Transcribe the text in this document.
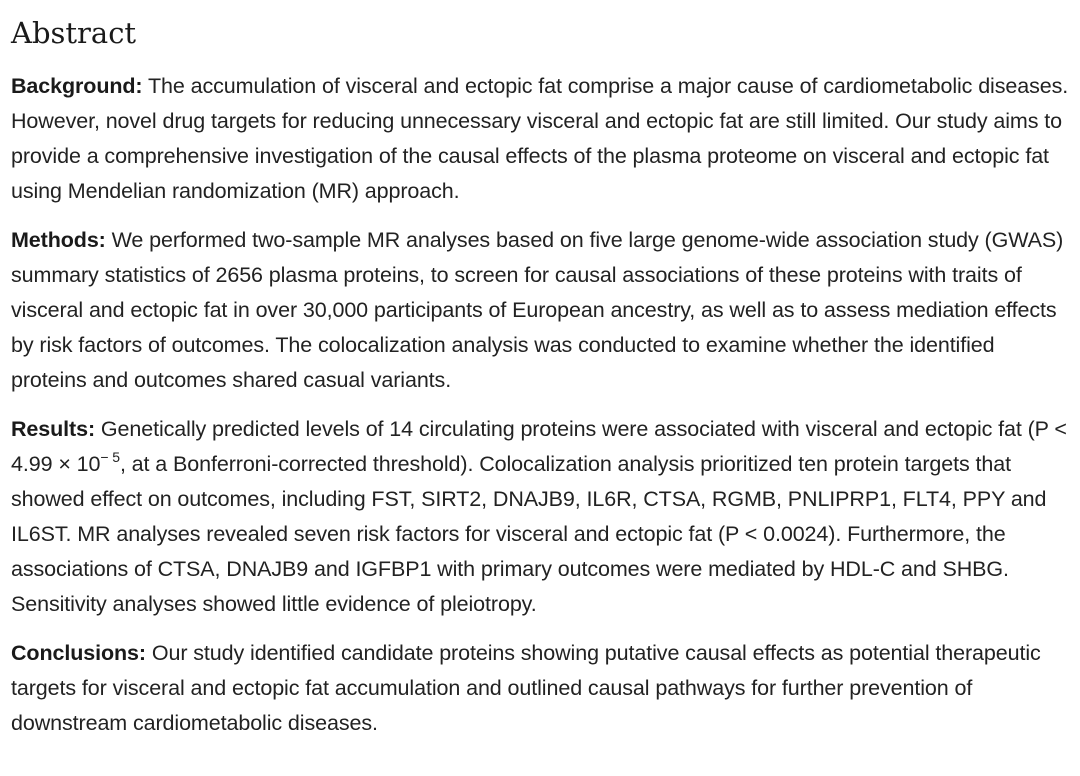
Abstract

Background: The accumulation of visceral and ectopic fat comprise a major cause of cardiometabolic diseases. However, novel drug targets for reducing unnecessary visceral and ectopic fat are still limited. Our study aims to provide a comprehensive investigation of the causal effects of the plasma proteome on visceral and ectopic fat using Mendelian randomization (MR) approach.

Methods: We performed two-sample MR analyses based on five large genome-wide association study (GWAS) summary statistics of 2656 plasma proteins, to screen for causal associations of these proteins with traits of visceral and ectopic fat in over 30,000 participants of European ancestry, as well as to assess mediation effects by risk factors of outcomes. The colocalization analysis was conducted to examine whether the identified proteins and outcomes shared casual variants.

Results: Genetically predicted levels of 14 circulating proteins were associated with visceral and ectopic fat ($P < 4.99 \times 10^{- 5}$, at a Bonferroni-corrected threshold). Colocalization analysis prioritized ten protein targets that showed effect on outcomes, including FST, SIRT2, DNAJB9, IL6R, CTSA, RGMB, PNLIPRP1, FLT4, PPY and IL6ST. MR analyses revealed seven risk factors for visceral and ectopic fat (P < 0.0024). Furthermore, the associations of CTSA, DNAJB9 and IGFBP1 with primary outcomes were mediated by HDL-C and SHBG. Sensitivity analyses showed little evidence of pleiotropy.

Conclusions: Our study identified candidate proteins showing putative causal effects as potential therapeutic targets for visceral and ectopic fat accumulation and outlined causal pathways for further prevention of downstream cardiometabolic diseases.
